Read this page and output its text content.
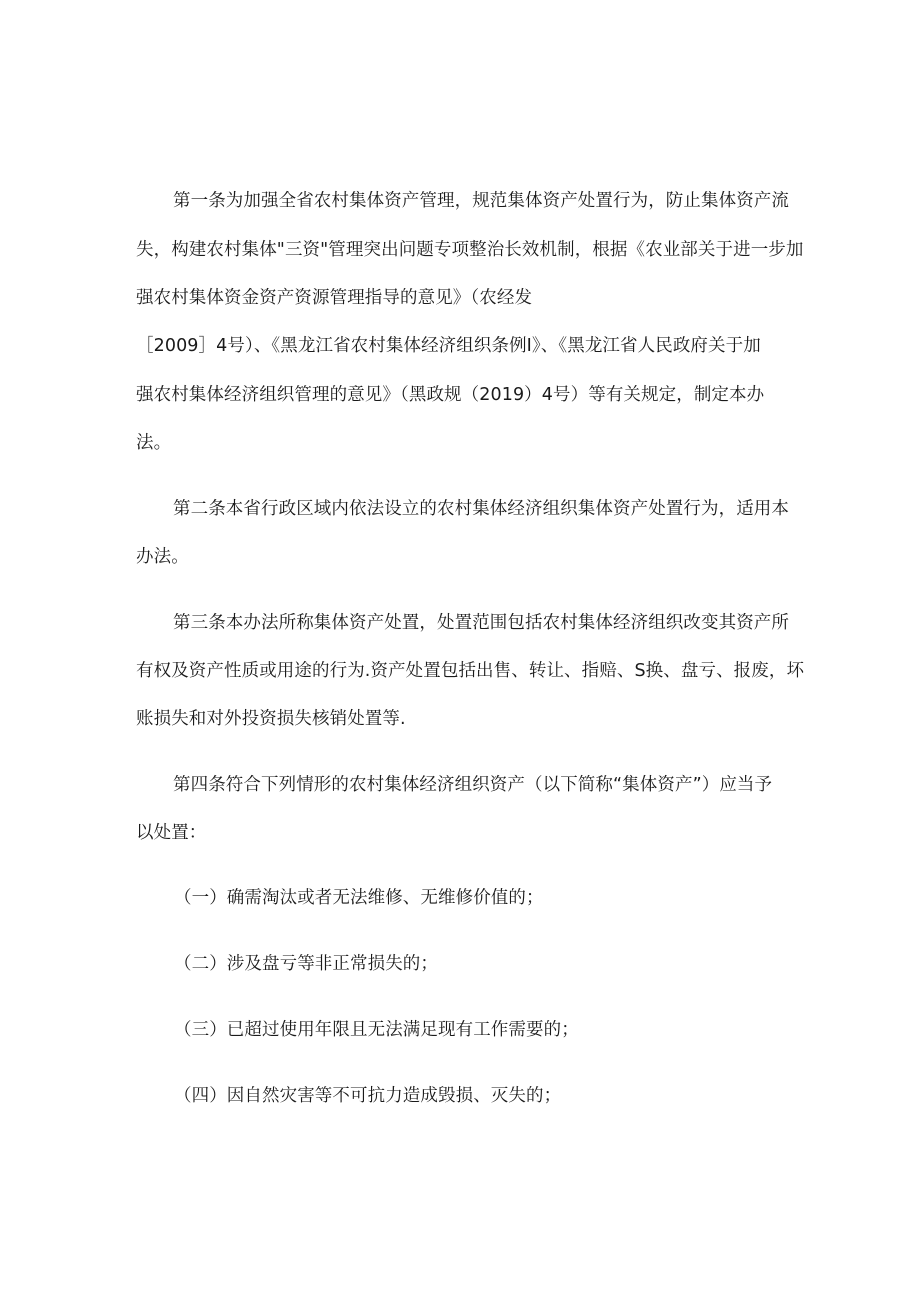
第一条为加强全省农村集体资产管理，规范集体资产处置行为，防止集体资产流
失，构建农村集体"三资"管理突出问题专项整治长效机制，根据《农业部关于进一步加
强农村集体资金资产资源管理指导的意见》（农经发
［2009］4号）、《黑龙江省农村集体经济组织条例I》、《黑龙江省人民政府关于加
强农村集体经济组织管理的意见》（黑政规（2019）4号）等有关规定，制定本办
法。
第二条本省行政区域内依法设立的农村集体经济组织集体资产处置行为，适用本
办法。
第三条本办法所称集体资产处置，处置范围包括农村集体经济组织改变其资产所
有权及资产性质或用途的行为.资产处置包括出售、转让、指赔、S换、盘亏、报废，坏
账损失和对外投资损失核销处置等.
第四条符合下列情形的农村集体经济组织资产（以下简称“集体资产”）应当予
以处置：
（一）确需淘汰或者无法维修、无维修价值的；
（二）涉及盘亏等非正常损失的；
（三）已超过使用年限且无法满足现有工作需要的；
（四）因自然灾害等不可抗力造成毁损、灭失的；
